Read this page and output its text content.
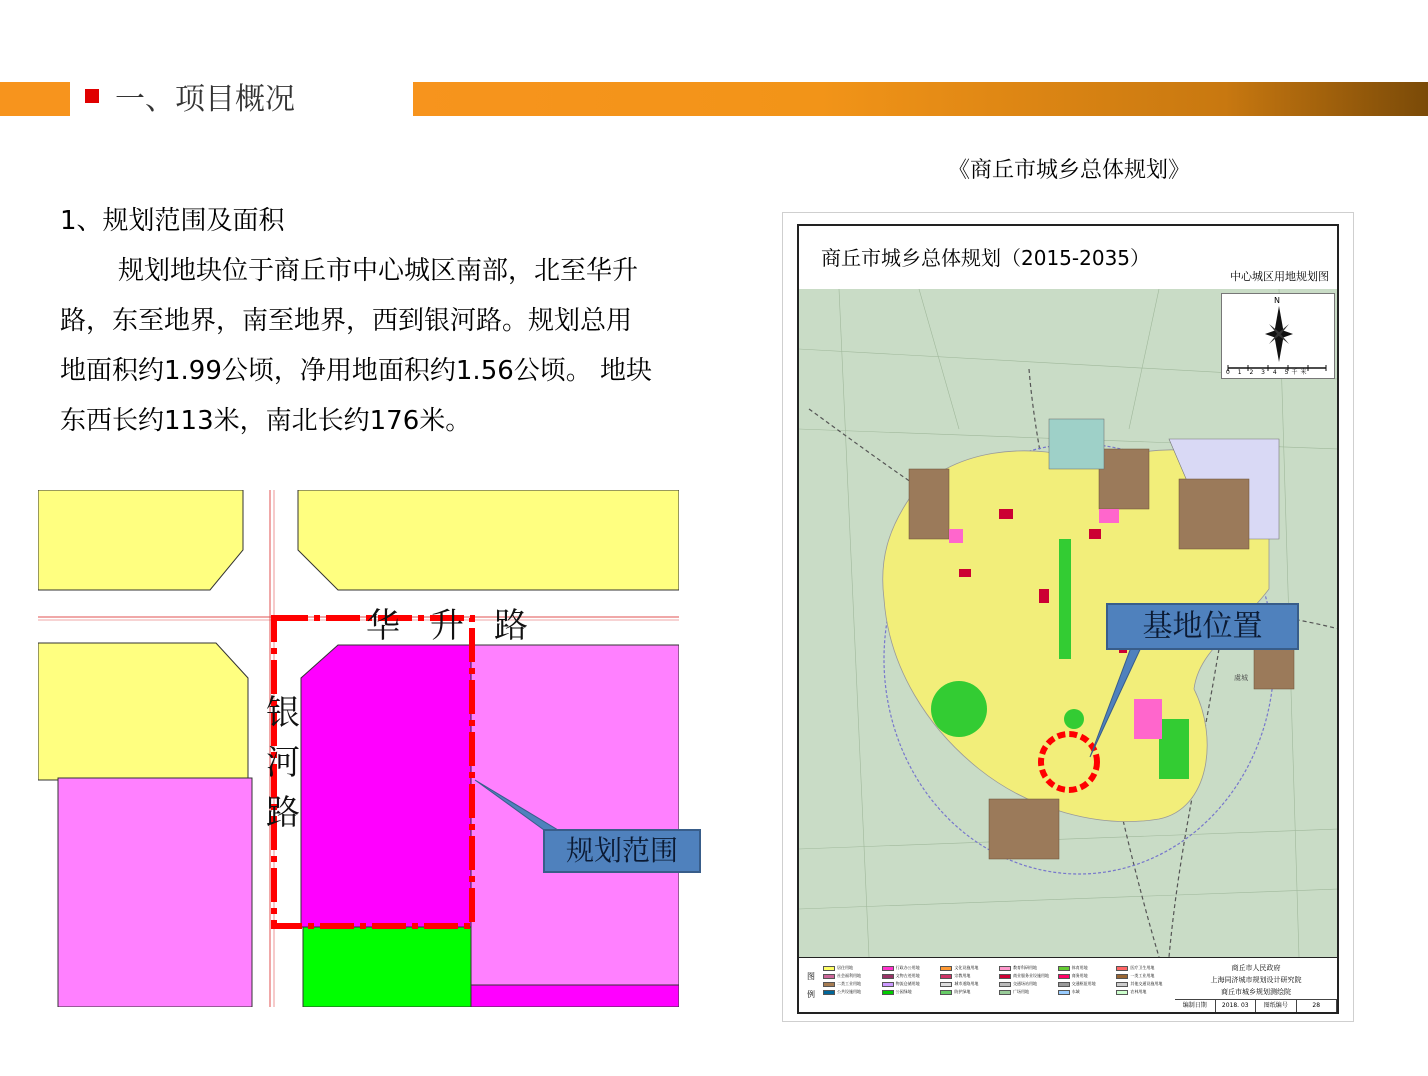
一、项目概况
1、规划范围及面积
规划地块位于商丘市中心城区南部，北至华升
路，东至地界，南至地界，西到银河路。规划总用
地面积约1.99公顷，净用地面积约1.56公顷。 地块
东西长约113米，南北长约176米。
华升路
银
河
路
规划范围
《商丘市城乡总体规划》
商丘市城乡总体规划（2015-2035）
中心城区用地规划图
虞城
N
0 1 2 3 4 5千米
图例
居住用地	行政办公用地	文化设施用地	教育科研用地	体育用地	医疗卫生用地
社会福利用地	文物古迹用地	宗教用地	商业服务业设施用地	商务用地	一类工业用地
二类工业用地	物流仓储用地	城市道路用地	交通场站用地	交通枢纽用地	其他交通设施用地
公共设施用地	公园绿地	防护绿地	广场用地	水域	农林用地
商丘市人民政府
上海同济城市规划设计研究院
商丘市城乡规划测绘院
编制日期	2018. 03	图纸编号	28
基地位置
